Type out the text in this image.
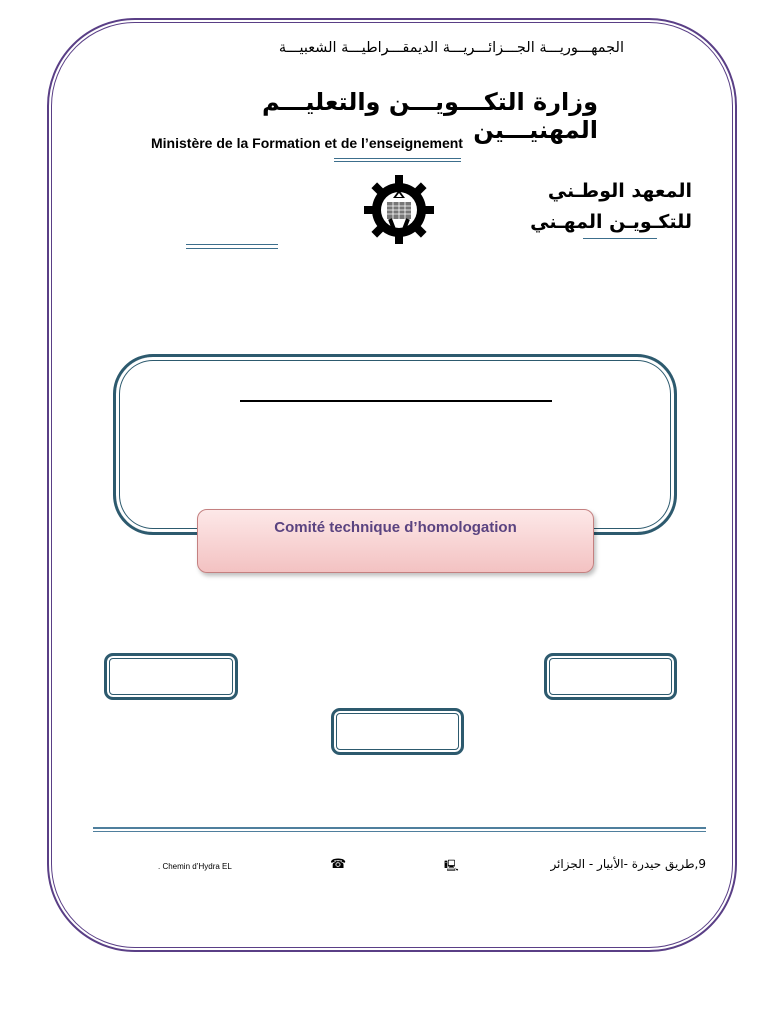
الجمهـــوريـــة الجـــزائـــريـــة الديمقـــراطيـــة الشعبيـــة
وزارة التكـــويـــن والتعليـــم المهنيـــين
Ministère de la Formation et de l’enseignement
المعهد الوطـني
للتكـويـن المهـني
Comité technique d’homologation
. Chemin d’Hydra EL	☎	🖳	9,طريق حيدرة -الأبيار - الجزائر
